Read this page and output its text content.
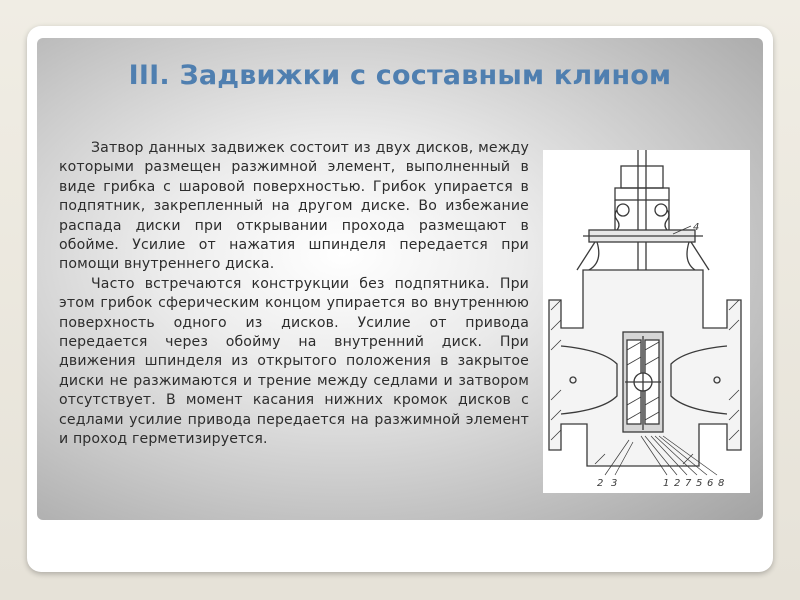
III. Задвижки с составным клином

Затвор данных задвижек состоит из двух дисков, между которыми размещен разжимной элемент, выполненный в виде грибка с шаровой поверхностью. Грибок упирается в подпятник, закрепленный на другом диске. Во избежание распада диски при открывании прохода размещают в обойме. Усилие от нажатия шпинделя передается при помощи внутреннего диска.

Часто встречаются конструкции без подпятника. При этом грибок сферическим концом упирается во внутреннюю поверхность одного из дисков. Усилие от привода передается через обойму на внутренний диск. При движения шпинделя из открытого положения в закрытое диски не разжимаются и трение между седлами и затвором отсутствует. В момент касания нижних кромок дисков с седлами усилие привода передается на разжимной элемент и проход герметизируется.

4
2 3	1 2 7 5 6 8
